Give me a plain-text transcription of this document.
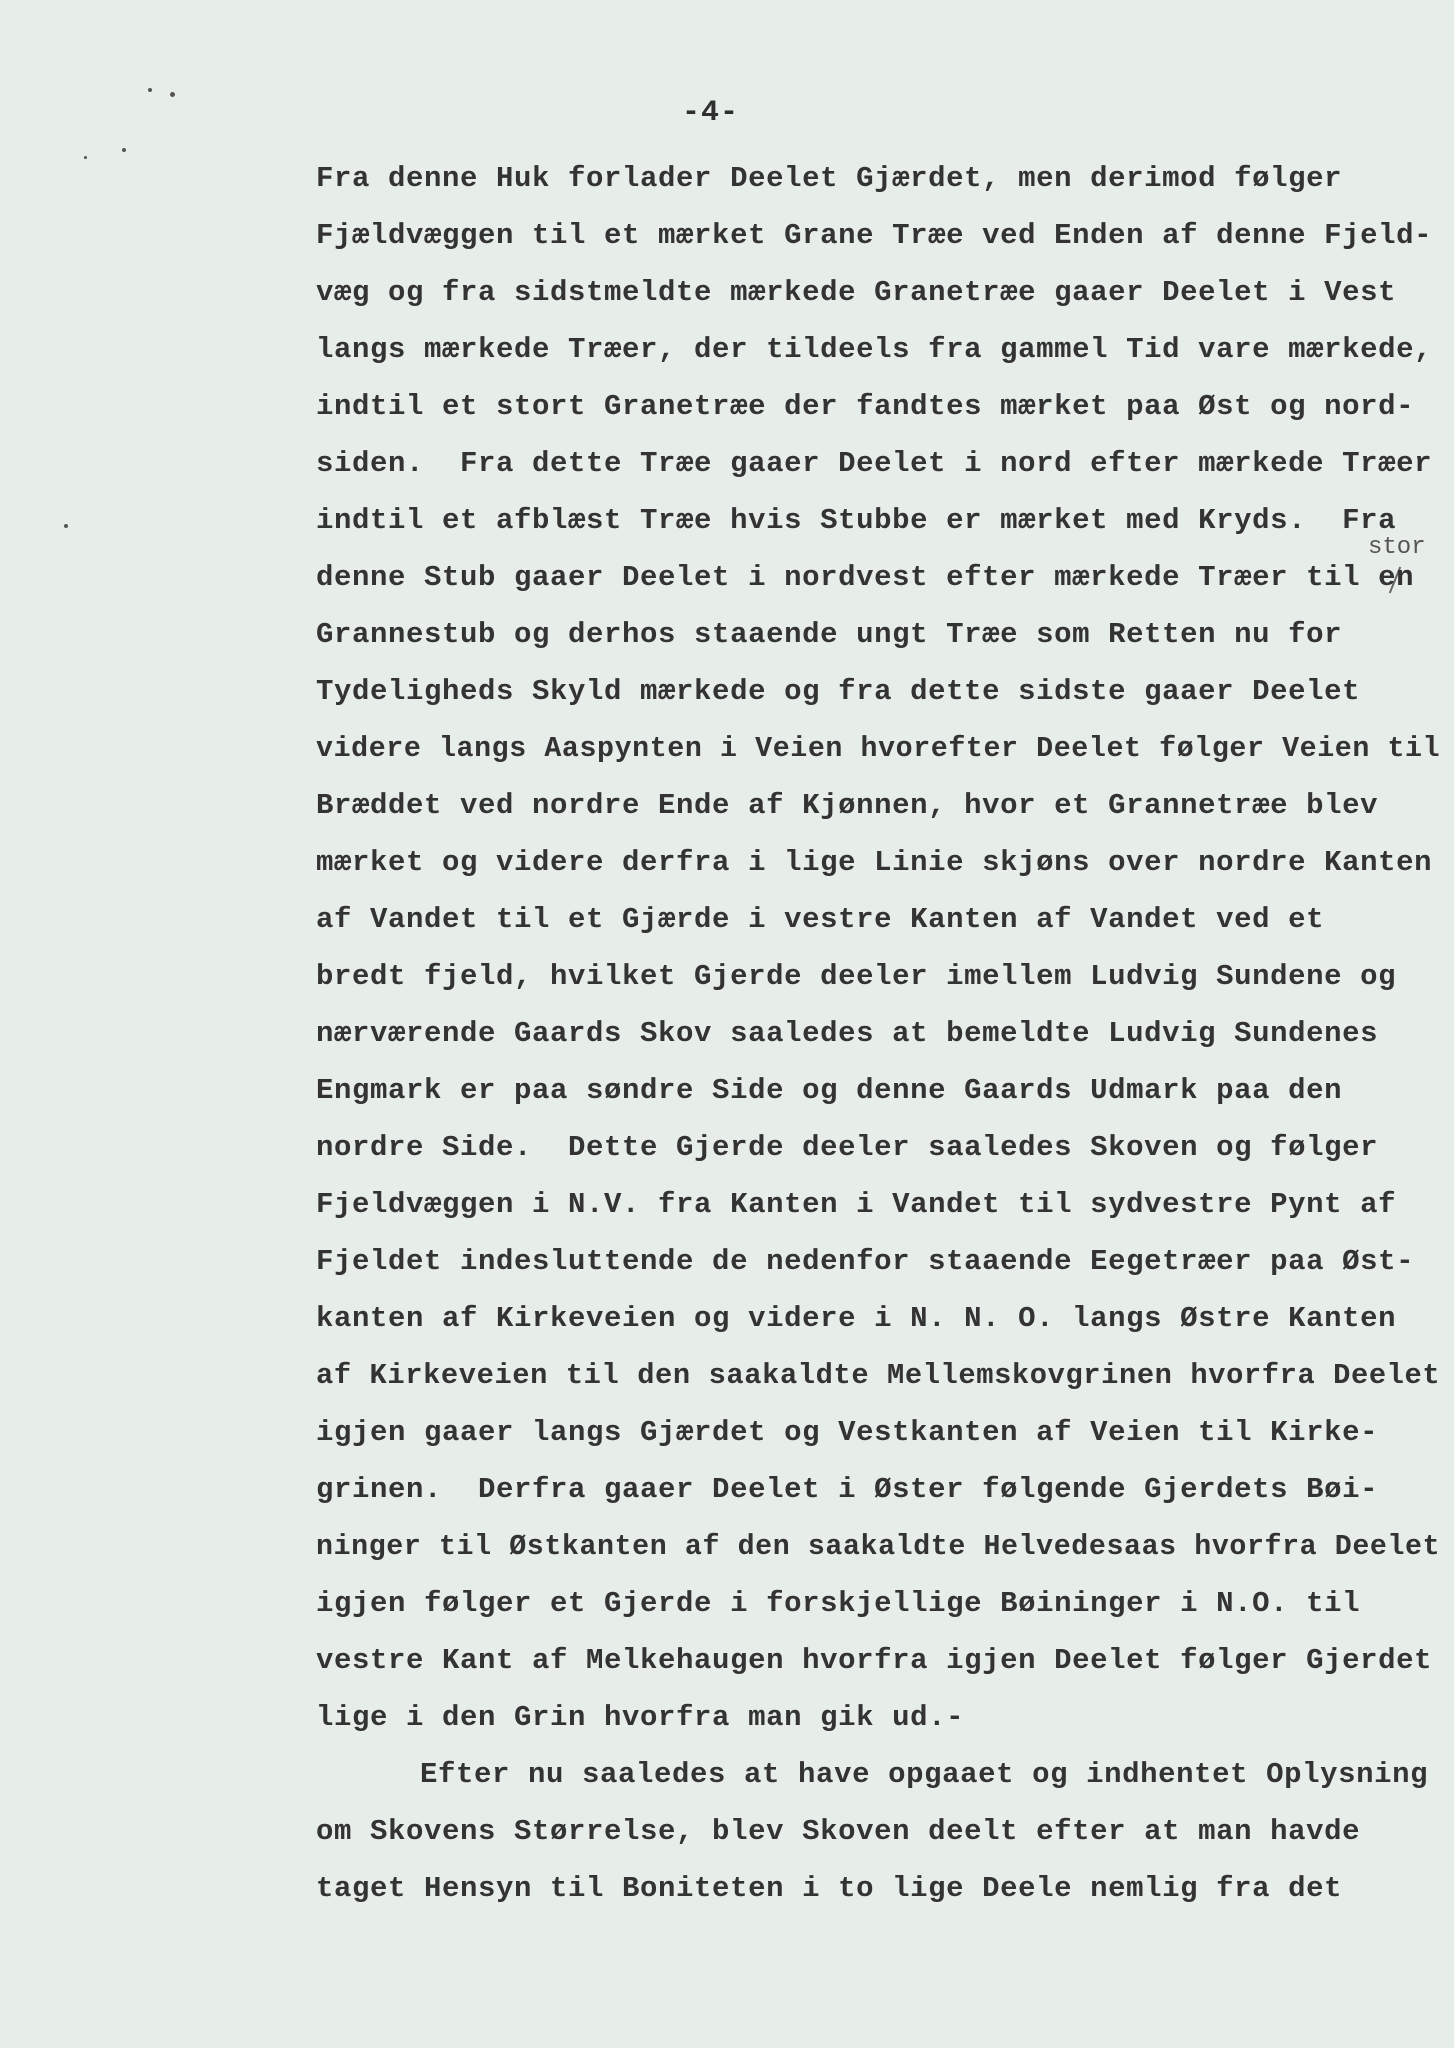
-4-
stor
Fra denne Huk forlader Deelet Gjærdet, men derimod følger
Fjældvæggen til et mærket Grane Træe ved Enden af denne Fjeld-
væg og fra sidstmeldte mærkede Granetræe gaaer Deelet i Vest
langs mærkede Træer, der tildeels fra gammel Tid vare mærkede,
indtil et stort Granetræe der fandtes mærket paa Øst og nord-
siden.  Fra dette Træe gaaer Deelet i nord efter mærkede Træer
indtil et afblæst Træe hvis Stubbe er mærket med Kryds.  Fra
denne Stub gaaer Deelet i nordvest efter mærkede Træer til en
Grannestub og derhos staaende ungt Træe som Retten nu for
Tydeligheds Skyld mærkede og fra dette sidste gaaer Deelet
videre langs Aaspynten i Veien hvorefter Deelet følger Veien til
Bræddet ved nordre Ende af Kjønnen, hvor et Grannetræe blev
mærket og videre derfra i lige Linie skjøns over nordre Kanten
af Vandet til et Gjærde i vestre Kanten af Vandet ved et
bredt fjeld, hvilket Gjerde deeler imellem Ludvig Sundene og
nærværende Gaards Skov saaledes at bemeldte Ludvig Sundenes
Engmark er paa søndre Side og denne Gaards Udmark paa den
nordre Side.  Dette Gjerde deeler saaledes Skoven og følger
Fjeldvæggen i N.V. fra Kanten i Vandet til sydvestre Pynt af
Fjeldet indesluttende de nedenfor staaende Eegetræer paa Øst-
kanten af Kirkeveien og videre i N. N. O. langs Østre Kanten
af Kirkeveien til den saakaldte Mellemskovgrinen hvorfra Deelet
igjen gaaer langs Gjærdet og Vestkanten af Veien til Kirke-
grinen.  Derfra gaaer Deelet i Øster følgende Gjerdets Bøi-
ninger til Østkanten af den saakaldte Helvedesaas hvorfra Deelet
igjen følger et Gjerde i forskjellige Bøininger i N.O. til
vestre Kant af Melkehaugen hvorfra igjen Deelet følger Gjerdet
lige i den Grin hvorfra man gik ud.-
Efter nu saaledes at have opgaaet og indhentet Oplysning
om Skovens Størrelse, blev Skoven deelt efter at man havde
taget Hensyn til Boniteten i to lige Deele nemlig fra det
